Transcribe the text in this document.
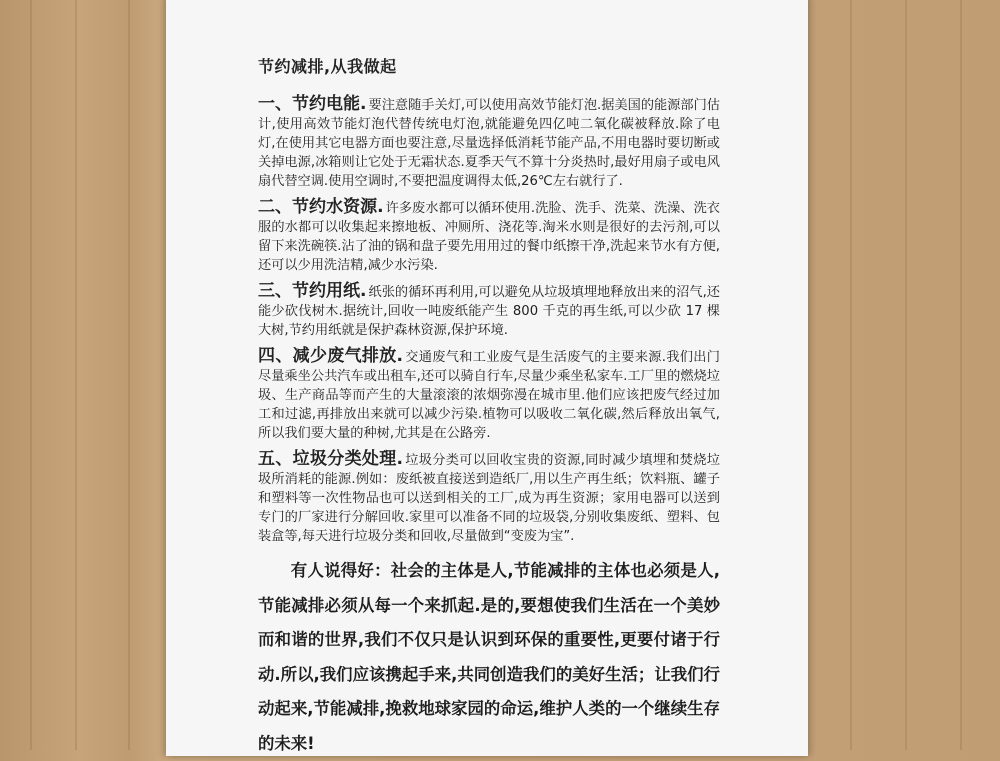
节约减排,从我做起

一、节约电能. 要注意随手关灯,可以使用高效节能灯泡.据美国的能源部门估计,使用高效节能灯泡代替传统电灯泡,就能避免四亿吨二氧化碳被释放.除了电灯,在使用其它电器方面也要注意,尽量选择低消耗节能产品,不用电器时要切断或关掉电源,冰箱则让它处于无霜状态.夏季天气不算十分炎热时,最好用扇子或电风扇代替空调.使用空调时,不要把温度调得太低,26℃左右就行了.

二、节约水资源. 许多废水都可以循环使用.洗脸、洗手、洗菜、洗澡、洗衣服的水都可以收集起来擦地板、冲厕所、浇花等.淘米水则是很好的去污剂,可以留下来洗碗筷.沾了油的锅和盘子要先用用过的餐巾纸擦干净,洗起来节水有方便,还可以少用洗洁精,减少水污染.

三、节约用纸. 纸张的循环再利用,可以避免从垃圾填埋地释放出来的沼气,还能少砍伐树木.据统计,回收一吨废纸能产生 800 千克的再生纸,可以少砍 17 棵大树,节约用纸就是保护森林资源,保护环境.

四、减少废气排放. 交通废气和工业废气是生活废气的主要来源.我们出门尽量乘坐公共汽车或出租车,还可以骑自行车,尽量少乘坐私家车.工厂里的燃烧垃圾、生产商品等而产生的大量滚滚的浓烟弥漫在城市里.他们应该把废气经过加工和过滤,再排放出来就可以减少污染.植物可以吸收二氧化碳,然后释放出氧气,所以我们要大量的种树,尤其是在公路旁.

五、垃圾分类处理. 垃圾分类可以回收宝贵的资源,同时减少填埋和焚烧垃圾所消耗的能源.例如：废纸被直接送到造纸厂,用以生产再生纸；饮料瓶、罐子和塑料等一次性物品也可以送到相关的工厂,成为再生资源；家用电器可以送到专门的厂家进行分解回收.家里可以准备不同的垃圾袋,分别收集废纸、塑料、包装盒等,每天进行垃圾分类和回收,尽量做到“变废为宝”.

有人说得好：社会的主体是人,节能减排的主体也必须是人,节能减排必须从每一个来抓起.是的,要想使我们生活在一个美妙而和谐的世界,我们不仅只是认识到环保的重要性,更要付诸于行动.所以,我们应该携起手来,共同创造我们的美好生活；让我们行动起来,节能减排,挽救地球家园的命运,维护人类的一个继续生存的未来!
